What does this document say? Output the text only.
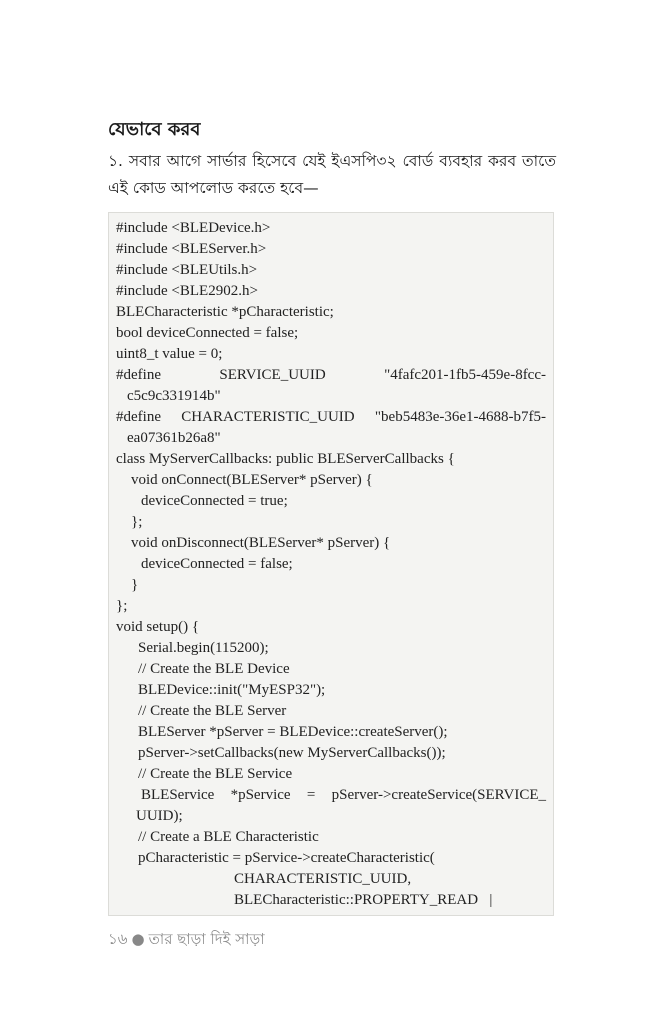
যেভাবে করব

১. সবার আগে সার্ভার হিসেবে যেই ইএসপি৩২ বোর্ড ব্যবহার করব তাতে এই কোড আপলোড করতে হবে—

#include <BLEDevice.h>
#include <BLEServer.h>
#include <BLEUtils.h>
#include <BLE2902.h>
BLECharacteristic *pCharacteristic;
bool deviceConnected = false;
uint8_t value = 0;
#define	SERVICE_UUID	"4fafc201-1fb5-459e-8fcc-
c5c9c331914b"
#define CHARACTERISTIC_UUID "beb5483e-36e1-4688-b7f5-
ea07361b26a8"
class MyServerCallbacks: public BLEServerCallbacks {
void onConnect(BLEServer* pServer) {
deviceConnected = true;
};
void onDisconnect(BLEServer* pServer) {
deviceConnected = false;
}
};
void setup() {
Serial.begin(115200);
// Create the BLE Device
BLEDevice::init("MyESP32");
// Create the BLE Server
BLEServer *pServer = BLEDevice::createServer();
pServer->setCallbacks(new MyServerCallbacks());
// Create the BLE Service
BLEService *pService = pServer->createService(SERVICE_
UUID);
// Create a BLE Characteristic
pCharacteristic = pService->createCharacteristic(
CHARACTERISTIC_UUID,
BLECharacteristic::PROPERTY_READ   |

১৬ ● তার ছাড়া দিই সাড়া
